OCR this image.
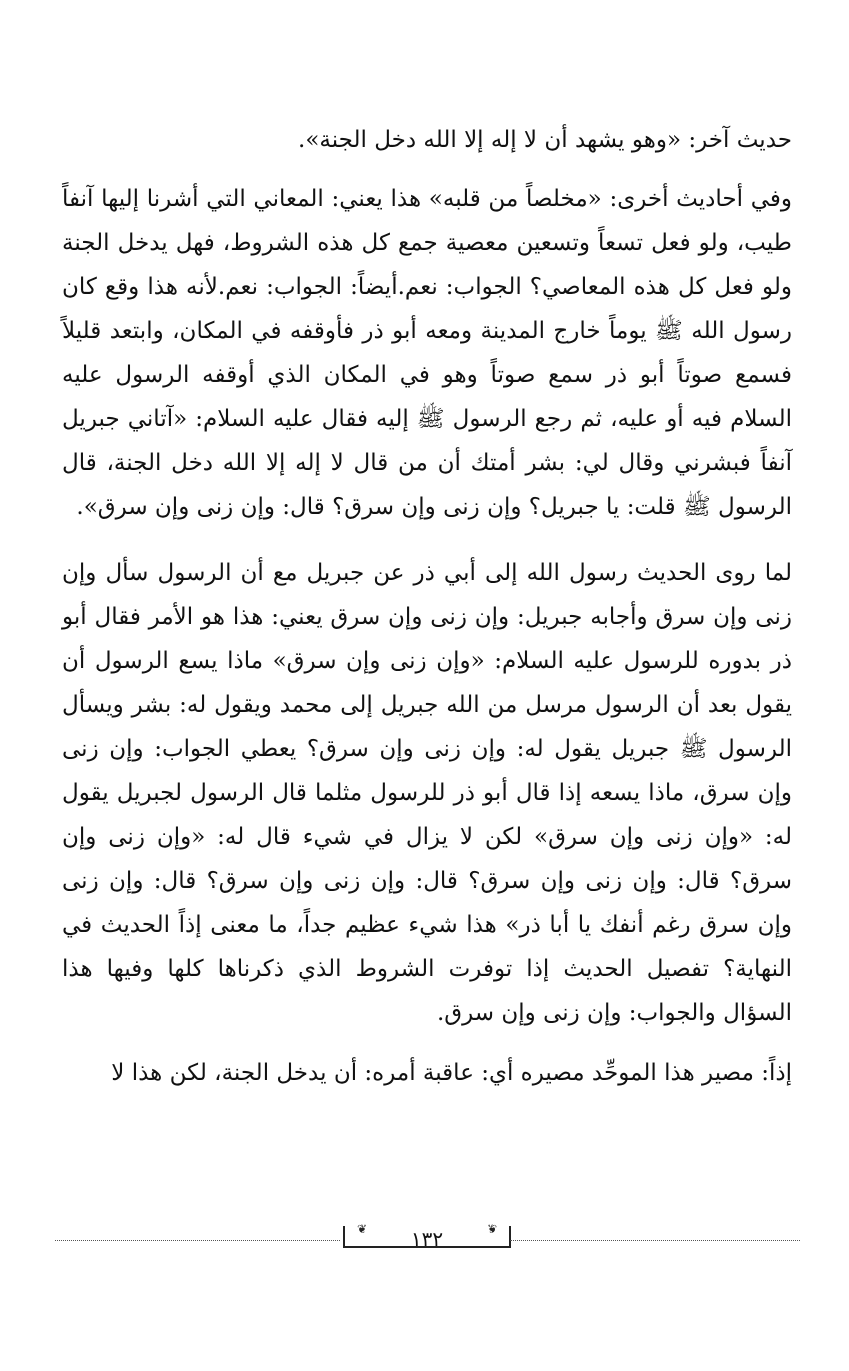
حديث آخر: «وهو يشهد أن لا إله إلا الله دخل الجنة».

وفي أحاديث أخرى: «مخلصاً من قلبه» هذا يعني: المعاني التي أشرنا إليها آنفاً طيب، ولو فعل تسعاً وتسعين معصية جمع كل هذه الشروط، فهل يدخل الجنة ولو فعل كل هذه المعاصي؟ الجواب: نعم.أيضاً: الجواب: نعم.لأنه هذا وقع كان رسول الله ﷺ يوماً خارج المدينة ومعه أبو ذر فأوقفه في المكان، وابتعد قليلاً فسمع صوتاً أبو ذر سمع صوتاً وهو في المكان الذي أوقفه الرسول عليه السلام فيه أو عليه، ثم رجع الرسول ﷺ إليه فقال عليه السلام: «آتاني جبريل آنفاً فبشرني وقال لي: بشر أمتك أن من قال لا إله إلا الله دخل الجنة، قال الرسول ﷺ قلت: يا جبريل؟ وإن زنى وإن سرق؟ قال: وإن زنى وإن سرق».

لما روى الحديث رسول الله إلى أبي ذر عن جبريل مع أن الرسول سأل وإن زنى وإن سرق وأجابه جبريل: وإن زنى وإن سرق يعني: هذا هو الأمر فقال أبو ذر بدوره للرسول عليه السلام: «وإن زنى وإن سرق» ماذا يسع الرسول أن يقول بعد أن الرسول مرسل من الله جبريل إلى محمد ويقول له: بشر ويسأل الرسول ﷺ جبريل يقول له: وإن زنى وإن سرق؟ يعطي الجواب: وإن زنى وإن سرق، ماذا يسعه إذا قال أبو ذر للرسول مثلما قال الرسول لجبريل يقول له: «وإن زنى وإن سرق» لكن لا يزال في شيء قال له: «وإن زنى وإن سرق؟ قال: وإن زنى وإن سرق؟ قال: وإن زنى وإن سرق؟ قال: وإن زنى وإن سرق رغم أنفك يا أبا ذر» هذا شيء عظيم جداً، ما معنى إذاً الحديث في النهاية؟ تفصيل الحديث إذا توفرت الشروط الذي ذكرناها كلها وفيها هذا السؤال والجواب: وإن زنى وإن سرق.

إذاً: مصير هذا الموحِّد مصيره أي: عاقبة أمره: أن يدخل الجنة، لكن هذا لا

❦	❦
١٣٢
